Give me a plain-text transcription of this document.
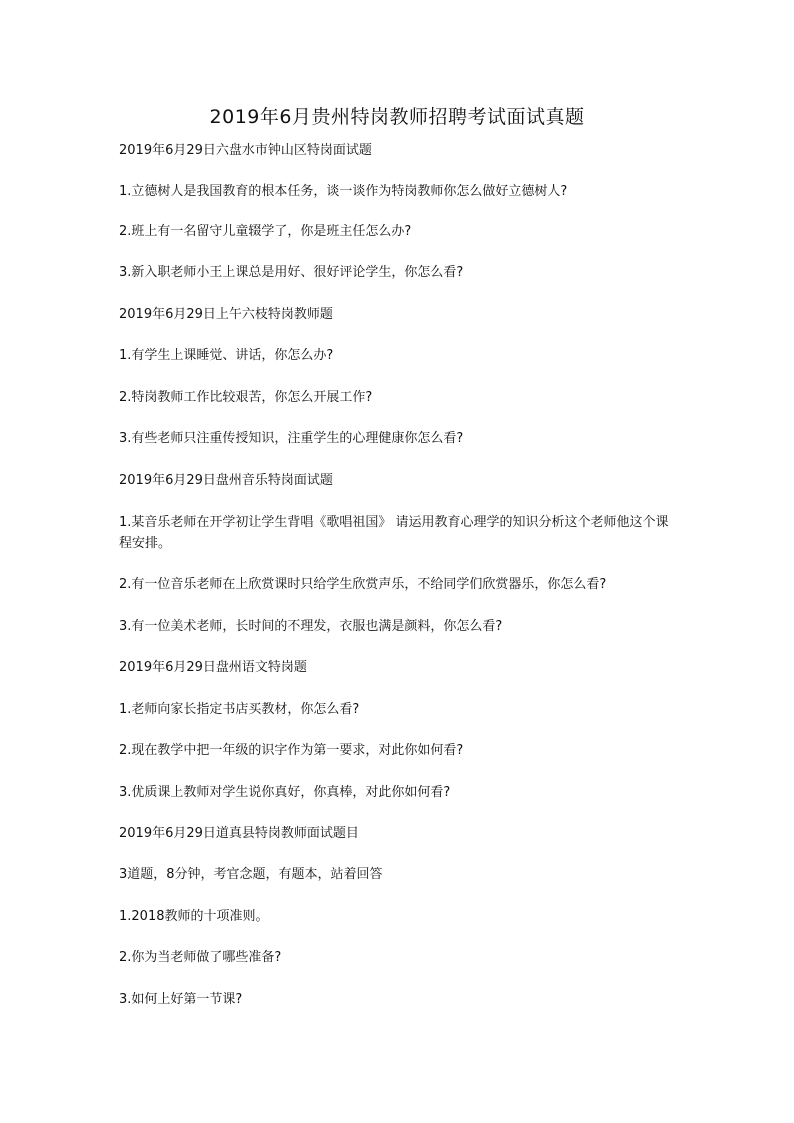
2019年6月贵州特岗教师招聘考试面试真题
2019年6月29日六盘水市钟山区特岗面试题
1.立德树人是我国教育的根本任务，谈一谈作为特岗教师你怎么做好立德树人?
2.班上有一名留守儿童辍学了，你是班主任怎么办?
3.新入职老师小王上课总是用好、很好评论学生，你怎么看?
2019年6月29日上午六枝特岗教师题
1.有学生上课睡觉、讲话，你怎么办?
2.特岗教师工作比较艰苦，你怎么开展工作?
3.有些老师只注重传授知识，注重学生的心理健康你怎么看?
2019年6月29日盘州音乐特岗面试题
1.某音乐老师在开学初让学生背唱《歌唱祖国》 请运用教育心理学的知识分析这个老师他这个课程安排。
2.有一位音乐老师在上欣赏课时只给学生欣赏声乐，不给同学们欣赏器乐，你怎么看?
3.有一位美术老师，长时间的不理发，衣服也满是颜料，你怎么看?
2019年6月29日盘州语文特岗题
1.老师向家长指定书店买教材，你怎么看?
2.现在教学中把一年级的识字作为第一要求，对此你如何看?
3.优质课上教师对学生说你真好，你真棒，对此你如何看?
2019年6月29日道真县特岗教师面试题目
3道题，8分钟，考官念题，有题本，站着回答
1.2018教师的十项准则。
2.你为当老师做了哪些准备?
3.如何上好第一节课?
